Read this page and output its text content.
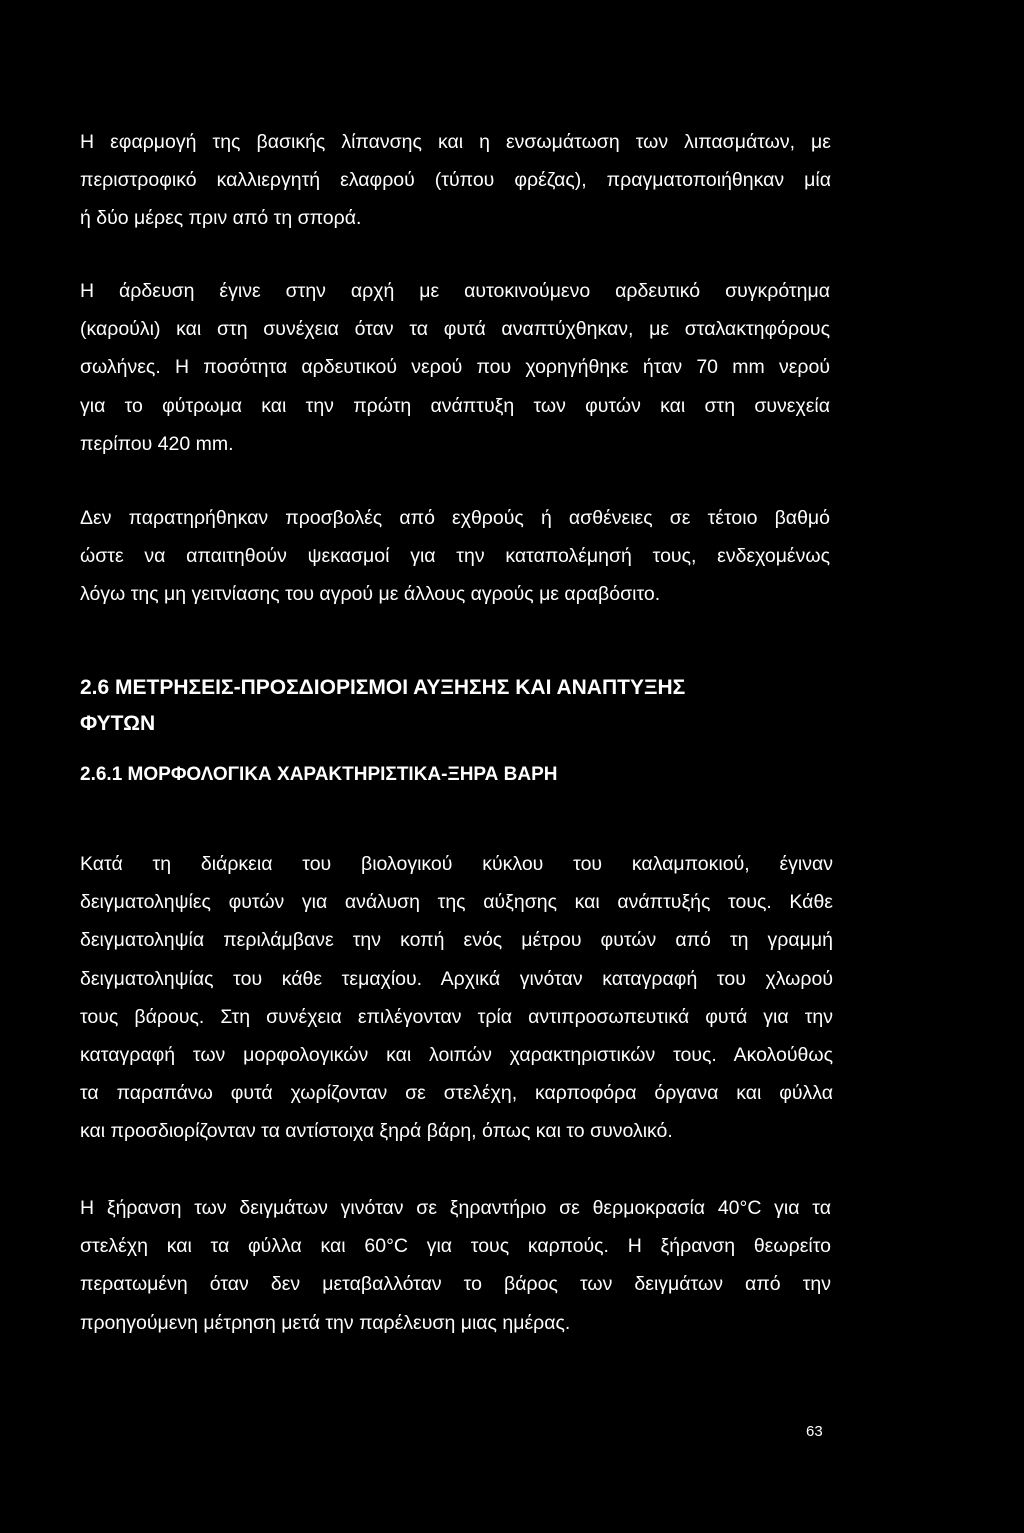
Η εφαρμογή της βασικής λίπανσης και η ενσωμάτωση των λιπασμάτων, με
περιστροφικό καλλιεργητή ελαφρού (τύπου φρέζας), πραγματοποιήθηκαν μία
ή δύο μέρες πριν από τη σπορά.
Η άρδευση έγινε στην αρχή με αυτοκινούμενο αρδευτικό συγκρότημα
(καρούλι) και στη συνέχεια όταν τα φυτά αναπτύχθηκαν, με σταλακτηφόρους
σωλήνες. Η ποσότητα αρδευτικού νερού που χορηγήθηκε ήταν 70 mm νερού
για το φύτρωμα και την πρώτη ανάπτυξη των φυτών και στη συνεχεία
περίπου 420 mm.
Δεν παρατηρήθηκαν προσβολές από εχθρούς ή ασθένειες σε τέτοιο βαθμό
ώστε να απαιτηθούν ψεκασμοί για την καταπολέμησή τους, ενδεχομένως
λόγω της μη γειτνίασης του αγρού με άλλους αγρούς με αραβόσιτο.
2.6 ΜΕΤΡΗΣΕΙΣ-ΠΡΟΣΔΙΟΡΙΣΜΟΙ ΑΥΞΗΣΗΣ ΚΑΙ ΑΝΑΠΤΥΞΗΣ
ΦΥΤΩΝ
2.6.1 ΜΟΡΦΟΛΟΓΙΚΑ ΧΑΡΑΚΤΗΡΙΣΤΙΚΑ-ΞΗΡΑ ΒΑΡΗ
Κατά τη διάρκεια του βιολογικού κύκλου του καλαμποκιού, έγιναν
δειγματοληψίες φυτών για ανάλυση της αύξησης και ανάπτυξής τους. Κάθε
δειγματοληψία περιλάμβανε την κοπή ενός μέτρου φυτών από τη γραμμή
δειγματοληψίας του κάθε τεμαχίου. Αρχικά γινόταν καταγραφή του χλωρού
τους βάρους. Στη συνέχεια επιλέγονταν τρία αντιπροσωπευτικά φυτά για την
καταγραφή των μορφολογικών και λοιπών χαρακτηριστικών τους. Ακολούθως
τα παραπάνω φυτά χωρίζονταν σε στελέχη, καρποφόρα όργανα και φύλλα
και προσδιορίζονταν τα αντίστοιχα ξηρά βάρη, όπως και το συνολικό.
Η ξήρανση των δειγμάτων γινόταν σε ξηραντήριο σε θερμοκρασία 40°C για τα
στελέχη και τα φύλλα και 60°C για τους καρπούς. Η ξήρανση θεωρείτο
περατωμένη όταν δεν μεταβαλλόταν το βάρος των δειγμάτων από την
προηγούμενη μέτρηση μετά την παρέλευση μιας ημέρας.
63
